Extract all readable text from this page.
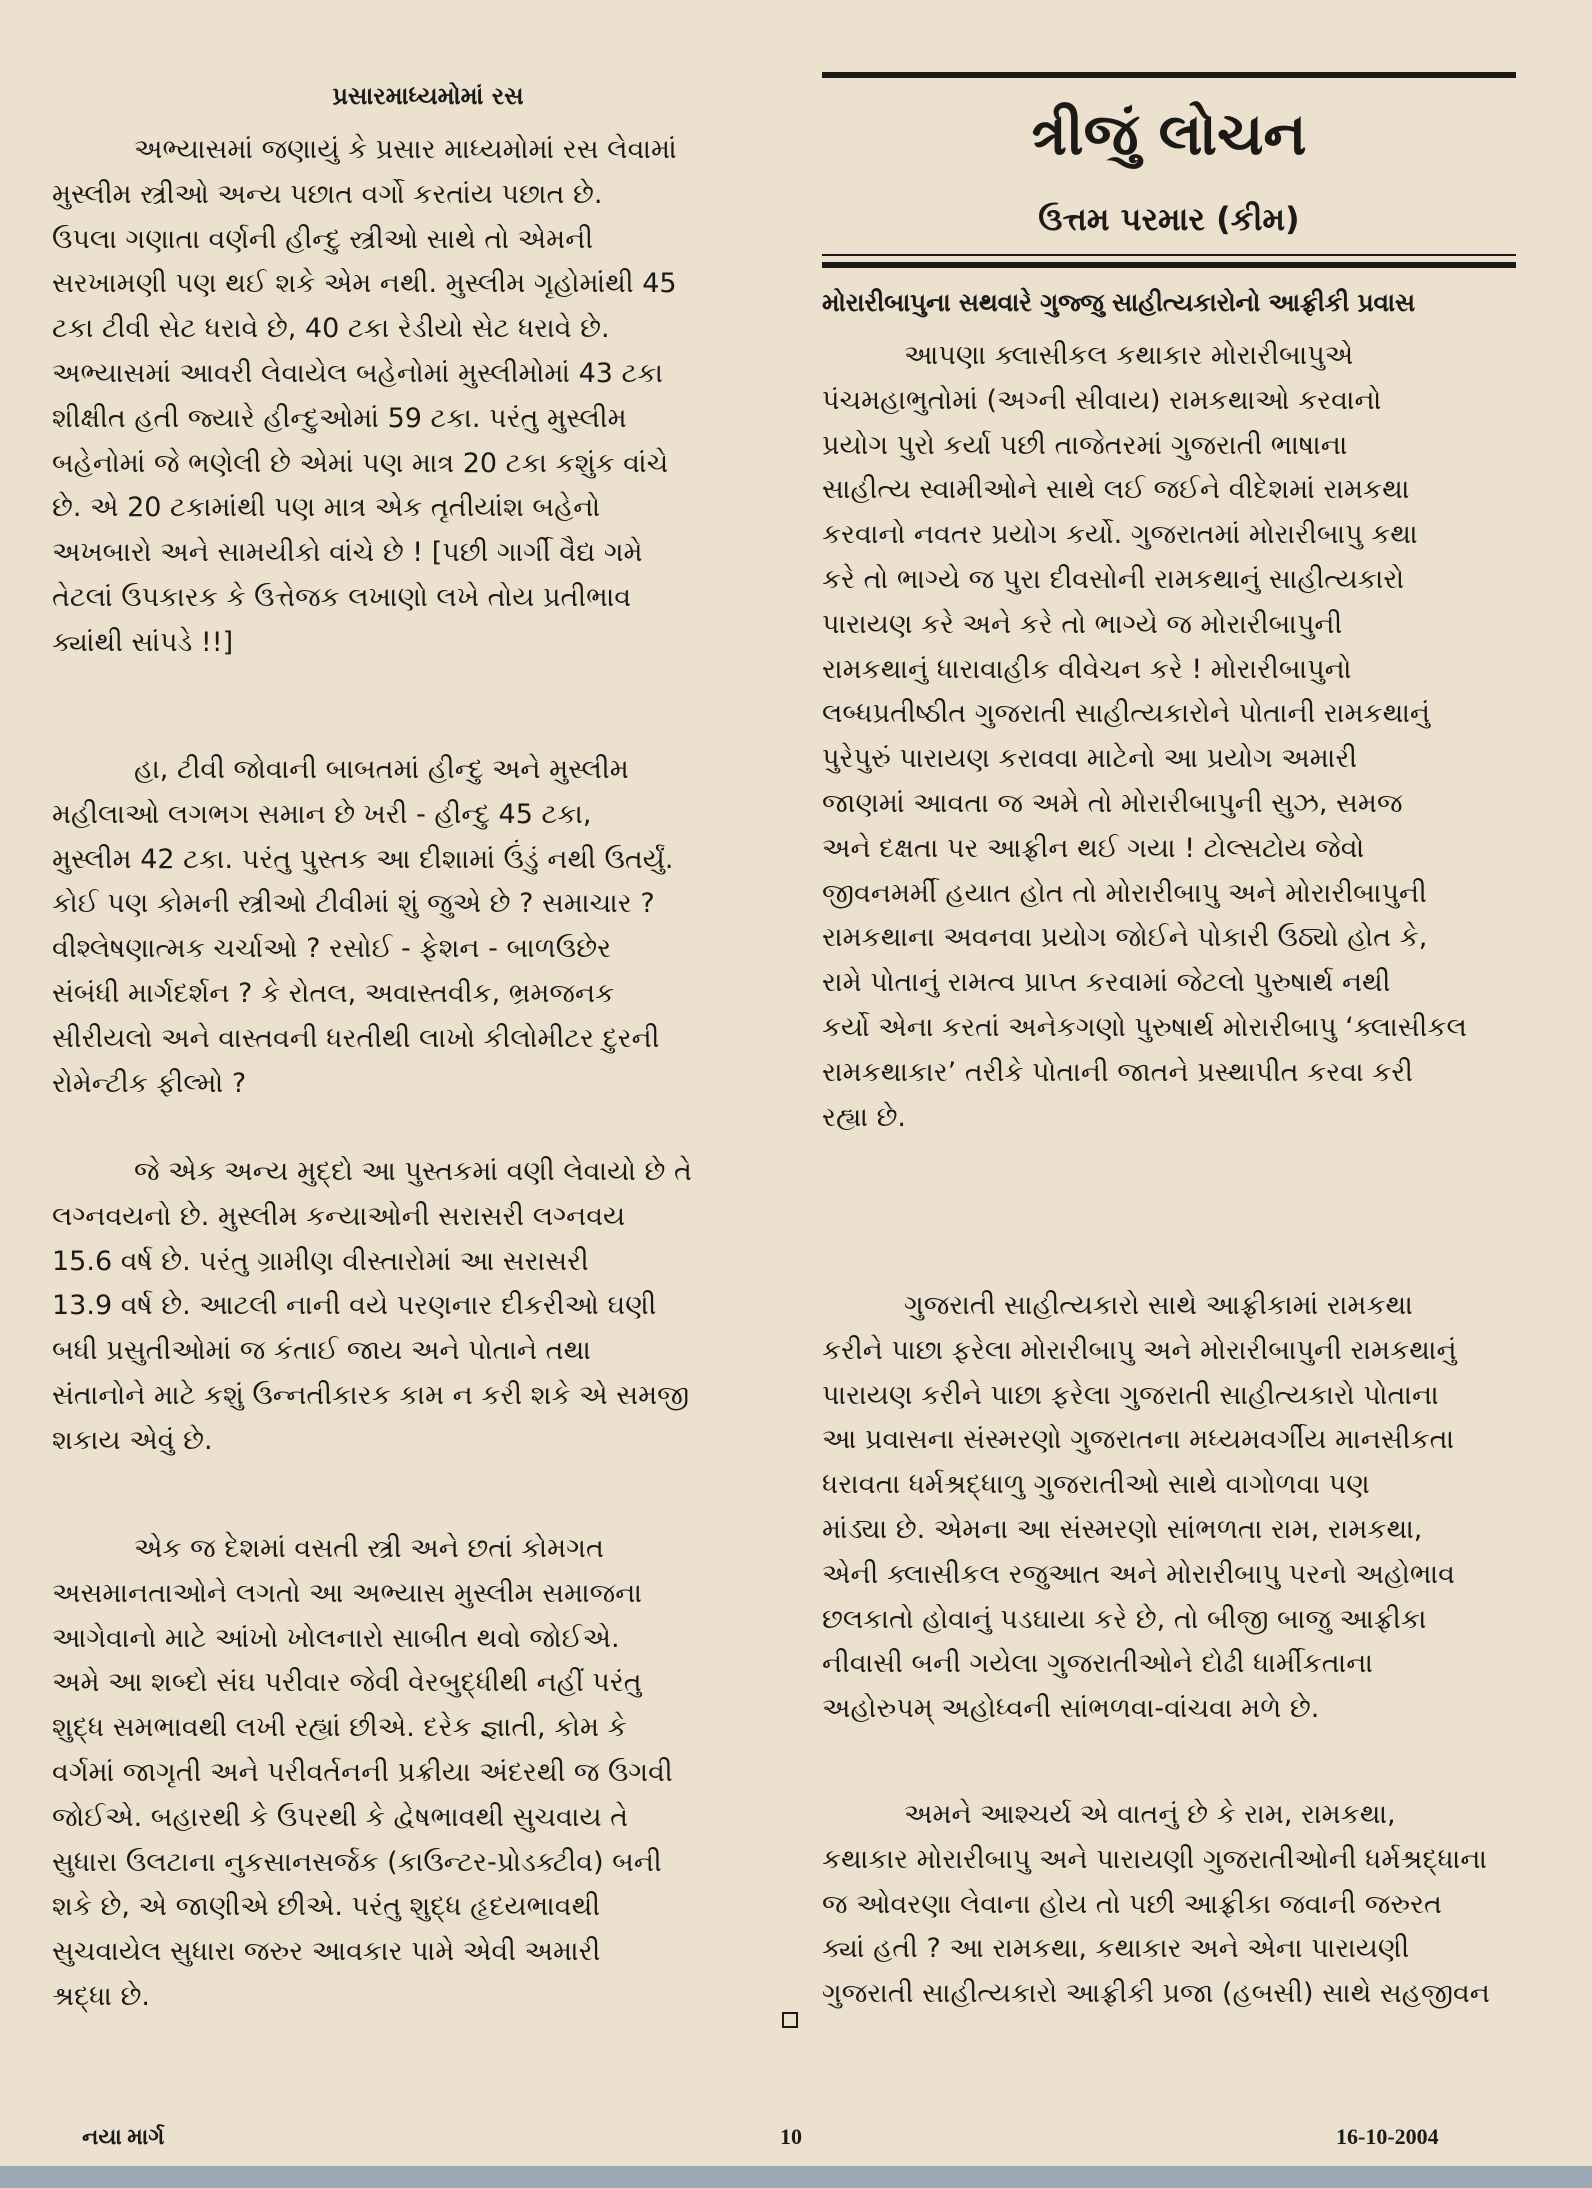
પ્રસારમાધ્યમોમાં રસ

અભ્યાસમાં જણાયું કે પ્રસાર માધ્યમોમાં રસ લેવામાં
મુસ્લીમ સ્ત્રીઓ અન્ય પછાત વર્ગો કરતાંય પછાત છે.
ઉપલા ગણાતા વર્ણની હીન્દુ સ્ત્રીઓ સાથે તો એમની
સરખામણી પણ થઈ શકે એમ નથી. મુસ્લીમ ગૃહોમાંથી 45
ટકા ટીવી સેટ ધરાવે છે, 40 ટકા રેડીયો સેટ ધરાવે છે.
અભ્યાસમાં આવરી લેવાયેલ બહેનોમાં મુસ્લીમોમાં 43 ટકા
શીક્ષીત હતી જ્યારે હીન્દુઓમાં 59 ટકા. પરંતુ મુસ્લીમ
બહેનોમાં જે ભણેલી છે એમાં પણ માત્ર 20 ટકા કશુંક વાંચે
છે. એ 20 ટકામાંથી પણ માત્ર એક તૃતીયાંશ બહેનો
અખબારો અને સામયીકો વાંચે છે ! [પછી ગાર્ગી વૈદ્ય ગમે
તેટલાં ઉપકારક કે ઉત્તેજક લખાણો લખે તોય પ્રતીભાવ
ક્યાંથી સાંપડે !!]

હા, ટીવી જોવાની બાબતમાં હીન્દુ અને મુસ્લીમ
મહીલાઓ લગભગ સમાન છે ખરી - હીન્દુ 45 ટકા,
મુસ્લીમ 42 ટકા. પરંતુ પુસ્તક આ દીશામાં ઉંડું નથી ઉતર્યું.
કોઈ પણ કોમની સ્ત્રીઓ ટીવીમાં શું જુએ છે ? સમાચાર ?
વીશ્લેષણાત્મક ચર્ચાઓ ? રસોઈ - ફેશન - બાળઉછેર
સંબંધી માર્ગદર્શન ? કે રોતલ, અવાસ્તવીક, ભ્રમજનક
સીરીયલો અને વાસ્તવની ધરતીથી લાખો કીલોમીટર દુરની
રોમેન્ટીક ફીલ્મો ?

જે એક અન્ય મુદ્દો આ પુસ્તકમાં વણી લેવાયો છે તે
લગ્નવયનો છે. મુસ્લીમ કન્યાઓની સરાસરી લગ્નવય
15.6 વર્ષ છે. પરંતુ ગ્રામીણ વીસ્તારોમાં આ સરાસરી
13.9 વર્ષ છે. આટલી નાની વયે પરણનાર દીકરીઓ ઘણી
બધી પ્રસુતીઓમાં જ કંતાઈ જાય અને પોતાને તથા
સંતાનોને માટે કશું ઉન્નતીકારક કામ ન કરી શકે એ સમજી
શકાય એવું છે.

એક જ દેશમાં વસતી સ્ત્રી અને છતાં કોમગત
અસમાનતાઓને લગતો આ અભ્યાસ મુસ્લીમ સમાજના
આગેવાનો માટે આંખો ખોલનારો સાબીત થવો જોઈએ.
અમે આ શબ્દો સંઘ પરીવાર જેવી વેરબુદ્ધીથી નહીં પરંતુ
શુદ્ધ સમભાવથી લખી રહ્યાં છીએ. દરેક જ્ઞાતી, કોમ કે
વર્ગમાં જાગૃતી અને પરીવર્તનની પ્રક્રીયા અંદરથી જ ઉગવી
જોઈએ. બહારથી કે ઉપરથી કે દ્વેષભાવથી સુચવાય તે
સુધારા ઉલટાના નુકસાનસર્જક (કાઉન્ટર-પ્રોડક્ટીવ) બની
શકે છે, એ જાણીએ છીએ. પરંતુ શુદ્ધ હૃદયભાવથી
સુચવાયેલ સુધારા જરુર આવકાર પામે એવી અમારી
શ્રદ્ધા છે.

ત્રીજું લોચન
ઉત્તમ પરમાર (કીમ)
મોરારીબાપુના સથવારે ગુજ્જુ સાહીત્યકારોનો આફ્રીકી પ્રવાસ

આપણા ક્લાસીકલ કથાકાર મોરારીબાપુએ
પંચમહાભુતોમાં (અગ્ની સીવાય) રામકથાઓ કરવાનો
પ્રયોગ પુરો કર્યા પછી તાજેતરમાં ગુજરાતી ભાષાના
સાહીત્ય સ્વામીઓને સાથે લઈ જઈને વીદેશમાં રામકથા
કરવાનો નવતર પ્રયોગ કર્યો. ગુજરાતમાં મોરારીબાપુ કથા
કરે તો ભાગ્યે જ પુરા દીવસોની રામકથાનું સાહીત્યકારો
પારાયણ કરે અને કરે તો ભાગ્યે જ મોરારીબાપુની
રામકથાનું ધારાવાહીક વીવેચન કરે ! મોરારીબાપુનો
લબ્ધપ્રતીષ્ઠીત ગુજરાતી સાહીત્યકારોને પોતાની રામકથાનું
પુરેપુરું પારાયણ કરાવવા માટેનો આ પ્રયોગ અમારી
જાણમાં આવતા જ અમે તો મોરારીબાપુની સુઝ, સમજ
અને દક્ષતા પર આફ્રીન થઈ ગયા ! ટોલ્સટોય જેવો
જીવનમર્મી હયાત હોત તો મોરારીબાપુ અને મોરારીબાપુની
રામકથાના અવનવા પ્રયોગ જોઈને પોકારી ઉઠ્યો હોત કે,
રામે પોતાનું રામત્વ પ્રાપ્ત કરવામાં જેટલો પુરુષાર્થ નથી
કર્યો એના કરતાં અનેકગણો પુરુષાર્થ મોરારીબાપુ ‘ક્લાસીકલ
રામકથાકાર’ તરીકે પોતાની જાતને પ્રસ્થાપીત કરવા કરી
રહ્યા છે.

ગુજરાતી સાહીત્યકારો સાથે આફ્રીકામાં રામકથા
કરીને પાછા ફરેલા મોરારીબાપુ અને મોરારીબાપુની રામકથાનું
પારાયણ કરીને પાછા ફરેલા ગુજરાતી સાહીત્યકારો પોતાના
આ પ્રવાસના સંસ્મરણો ગુજરાતના મધ્યમવર્ગીય માનસીકતા
ધરાવતા ધર્મશ્રદ્ધાળુ ગુજરાતીઓ સાથે વાગોળવા પણ
માંડ્યા છે. એમના આ સંસ્મરણો સાંભળતા રામ, રામકથા,
એની ક્લાસીકલ રજુઆત અને મોરારીબાપુ પરનો અહોભાવ
છલકાતો હોવાનું પડઘાયા કરે છે, તો બીજી બાજુ આફ્રીકા
નીવાસી બની ગયેલા ગુજરાતીઓને દોઢી ધાર્મીકતાના
અહોરુપમ્ અહોધ્વની સાંભળવા-વાંચવા મળે છે.

અમને આશ્ચર્ય એ વાતનું છે કે રામ, રામકથા,
કથાકાર મોરારીબાપુ અને પારાયણી ગુજરાતીઓની ધર્મશ્રદ્ધાના
જ ઓવરણા લેવાના હોય તો પછી આફ્રીકા જવાની જરુરત
ક્યાં હતી ? આ રામકથા, કથાકાર અને એના પારાયણી
ગુજરાતી સાહીત્યકારો આફ્રીકી પ્રજા (હબસી) સાથે સહજીવન

નયા માર્ગ	10	16-10-2004
